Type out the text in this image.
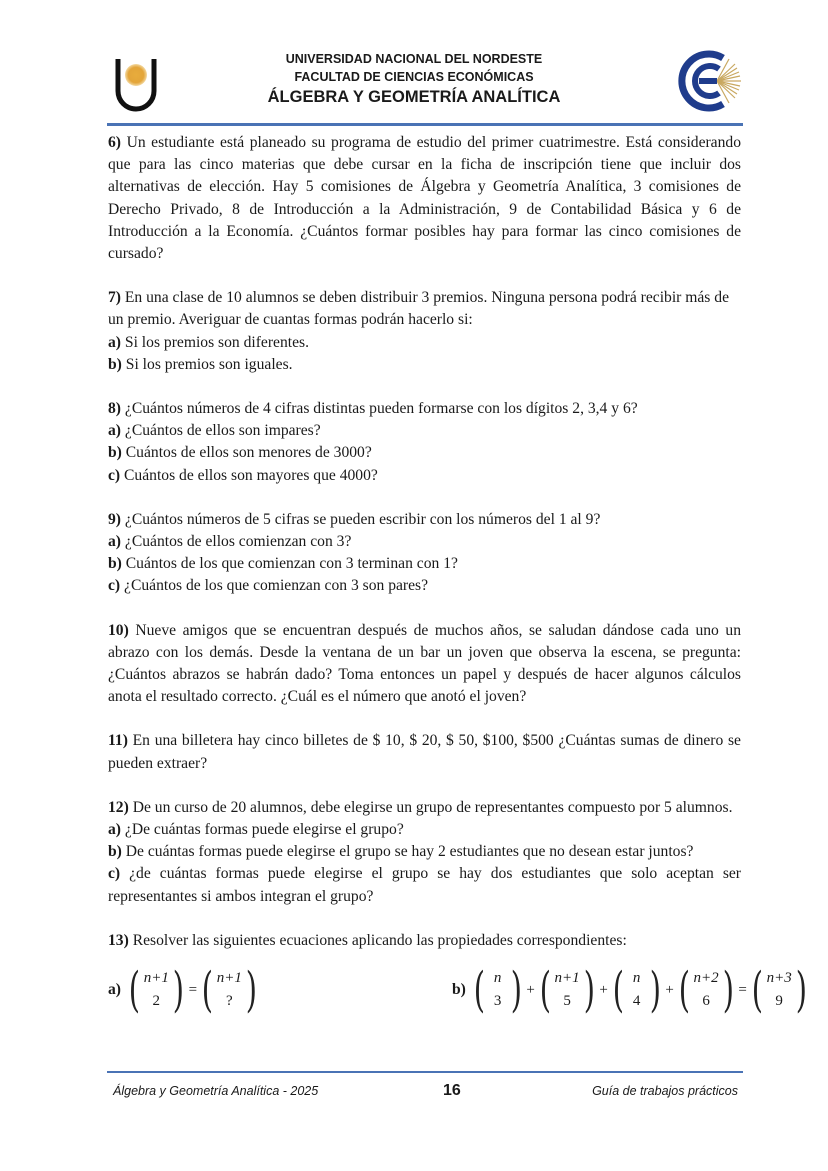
UNIVERSIDAD NACIONAL DEL NORDESTE
FACULTAD DE CIENCIAS ECONÓMICAS
ÁLGEBRA Y GEOMETRÍA ANALÍTICA

6) Un estudiante está planeado su programa de estudio del primer cuatrimestre. Está considerando que para las cinco materias que debe cursar en la ficha de inscripción tiene que incluir dos alternativas de elección. Hay 5 comisiones de Álgebra y Geometría Analítica, 3 comisiones de Derecho Privado, 8 de Introducción a la Administración, 9 de Contabilidad Básica y 6 de Introducción a la Economía. ¿Cuántos formar posibles hay para formar las cinco comisiones de cursado?

7) En una clase de 10 alumnos se deben distribuir 3 premios. Ninguna persona podrá recibir más de un premio. Averiguar de cuantas formas podrán hacerlo si:

a) Si los premios son diferentes.

b) Si los premios son iguales.

8) ¿Cuántos números de 4 cifras distintas pueden formarse con los dígitos 2, 3,4 y 6?

a) ¿Cuántos de ellos son impares?

b) Cuántos de ellos son menores de 3000?

c) Cuántos de ellos son mayores que 4000?

9) ¿Cuántos números de 5 cifras se pueden escribir con los números del 1 al 9?

a) ¿Cuántos de ellos comienzan con 3?

b) Cuántos de los que comienzan con 3 terminan con 1?

c) ¿Cuántos de los que comienzan con 3 son pares?

10) Nueve amigos que se encuentran después de muchos años, se saludan dándose cada uno un abrazo con los demás. Desde la ventana de un bar un joven que observa la escena, se pregunta: ¿Cuántos abrazos se habrán dado? Toma entonces un papel y después de hacer algunos cálculos anota el resultado correcto. ¿Cuál es el número que anotó el joven?

11) En una billetera hay cinco billetes de $ 10, $ 20, $ 50, $100, $500 ¿Cuántas sumas de dinero se pueden extraer?

12) De un curso de 20 alumnos, debe elegirse un grupo de representantes compuesto por 5 alumnos.

a) ¿De cuántas formas puede elegirse el grupo?

b) De cuántas formas puede elegirse el grupo se hay 2 estudiantes que no desean estar juntos?

c) ¿de cuántas formas puede elegirse el grupo se hay dos estudiantes que solo aceptan ser representantes si ambos integran el grupo?

13) Resolver las siguientes ecuaciones aplicando las propiedades correspondientes:

a) ( n+1
2 ) = ( n+1
? )	b) ( n
3 ) + ( n+1
5 ) + ( n
4 ) + ( n+2
6 ) = ( n+3
9 )
Álgebra y Geometría Analítica - 2025	16	Guía de trabajos prácticos
